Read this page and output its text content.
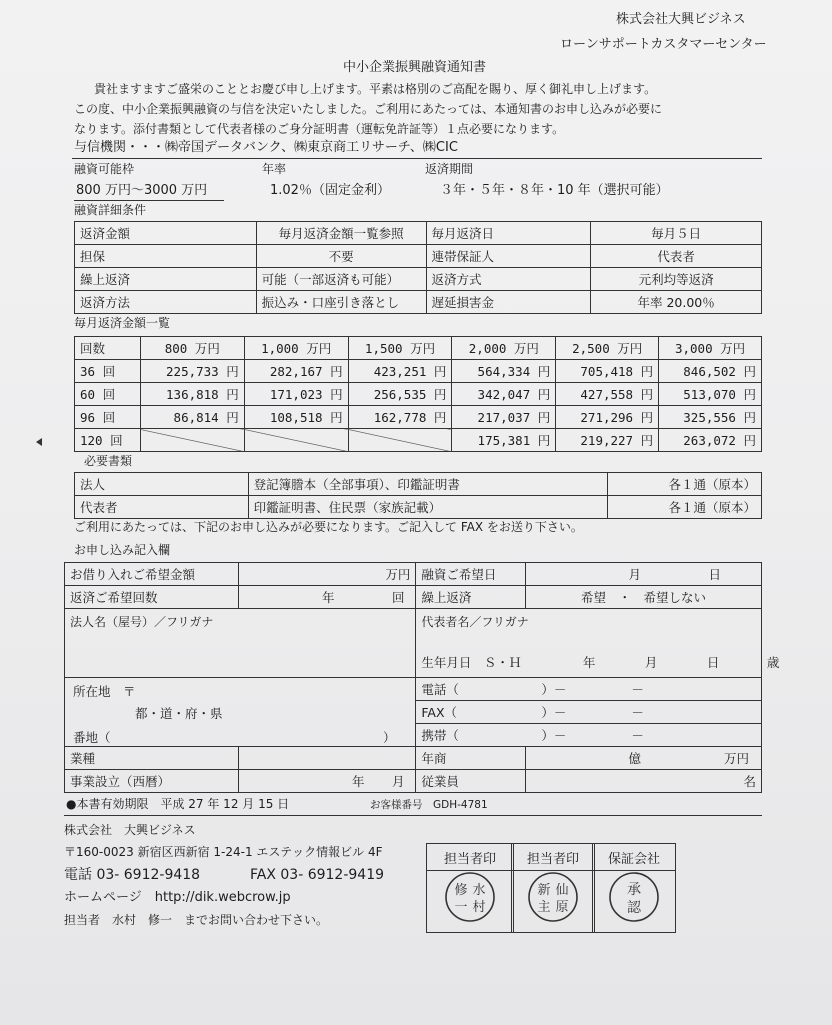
株式会社大興ビジネス
ローンサポートカスタマーセンター
中小企業振興融資通知書
貴社ますますご盛栄のこととお慶び申し上げます。平素は格別のご高配を賜り、厚く御礼申し上げます。
この度、中小企業振興融資の与信を決定いたしました。ご利用にあたっては、本通知書のお申し込みが必要に
なります。添付書類として代表者様のご身分証明書（運転免許証等）１点必要になります。
与信機関・・・㈱帝国データバンク、㈱東京商工リサーチ、㈱CIC
融資可能枠	年率	返済期間
800 万円～3000 万円	1.02％（固定金利）	３年・５年・８年・10 年（選択可能）
融資詳細条件
返済金額	毎月返済金額一覧参照	毎月返済日	毎月５日
担保	不要	連帯保証人	代表者
繰上返済	可能（一部返済も可能）	返済方式	元利均等返済
返済方法	振込み・口座引き落とし	遅延損害金	年率 20.00％
毎月返済金額一覧
回数	800 万円	1,000 万円	1,500 万円	2,000 万円	2,500 万円	3,000 万円
36 回	225,733 円	282,167 円	423,251 円	564,334 円	705,418 円	846,502 円
60 回	136,818 円	171,023 円	256,535 円	342,047 円	427,558 円	513,070 円
96 回	86,814 円	108,518 円	162,778 円	217,037 円	271,296 円	325,556 円
120 回				175,381 円	219,227 円	263,072 円
必要書類
法人	登記簿謄本（全部事項）、印鑑証明書	各１通（原本）
代表者	印鑑証明書、住民票（家族記載）	各１通（原本）
ご利用にあたっては、下記のお申し込みが必要になります。ご記入して FAX をお送り下さい。
お申し込み記入欄
お借り入れご希望金額	万円	融資ご希望日	月 日
返済ご希望回数	年 回	繰上返済	希望　・　希望しない
法人名（屋号）／フリガナ		代表者名／フリガナ
生年月日　Ｓ・Ｈ 年 月 日 歳	

所在地　〒
都・道・府・県
番地（ ）		電話（ ）－ －	
		FAX（ ）－ －	
		携帯（ ）－ －	
業種		年商	億 万円
事業設立（西暦）	年 月	従業員	名
●本書有効期限　平成 27 年 12 月 15 日	お客様番号　GDH-4781
株式会社　大興ビジネス
〒160-0023 新宿区西新宿 1-24-1 エステック情報ビル 4F
電話 03- 6912-9418	FAX 03- 6912-9419
ホームページ　http://dik.webcrow.jp
担当者　水村　修一　までお問い合わせ下さい。
担当者印
修 水
一 村
担当者印
新 仙
主 原
保証会社
承
認
